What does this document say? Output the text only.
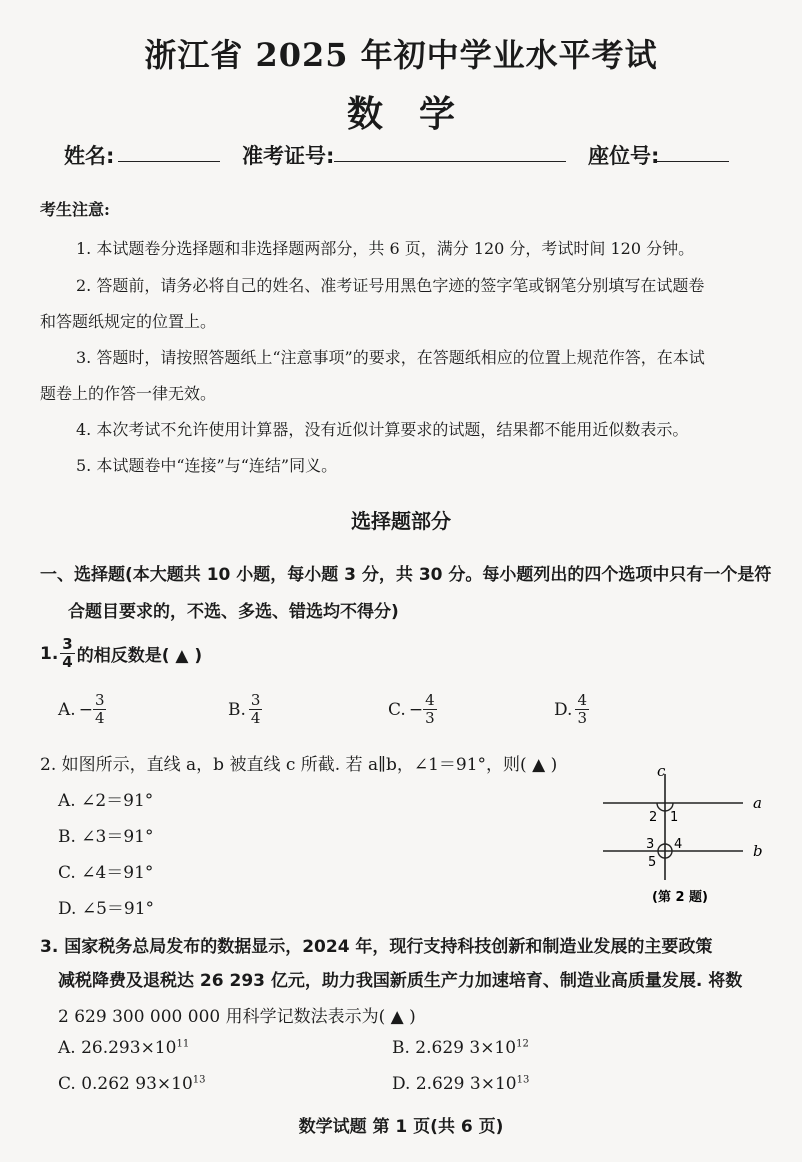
浙江省 2025 年初中学业水平考试
数学
姓名:	准考证号:	座位号:
考生注意:
1. 本试题卷分选择题和非选择题两部分，共 6 页，满分 120 分，考试时间 120 分钟。
2. 答题前，请务必将自己的姓名、准考证号用黑色字迹的签字笔或钢笔分别填写在试题卷
和答题纸规定的位置上。
3. 答题时，请按照答题纸上“注意事项”的要求，在答题纸相应的位置上规范作答，在本试
题卷上的作答一律无效。
4. 本次考试不允许使用计算器，没有近似计算要求的试题，结果都不能用近似数表示。
5. 本试题卷中“连接”与“连结”同义。
选择题部分
一、选择题(本大题共 10 小题，每小题 3 分，共 30 分。每小题列出的四个选项中只有一个是符
合题目要求的，不选、多选、错选均不得分)
1. $\frac{3}{4}$ 的相反数是( ▲ )
A. − $\frac{3}{4}$	B. $\frac{3}{4}$	C. − $\frac{4}{3}$	D. $\frac{4}{3}$
2. 如图所示，直线 a，b 被直线 c 所截. 若 a∥b，∠1＝91°，则( ▲ )
A. ∠2＝91°
B. ∠3＝91°
C. ∠4＝91°
D. ∠5＝91°
c
a
b
1
2
3 4
5
(第 2 题)
3. 国家税务总局发布的数据显示，2024 年，现行支持科技创新和制造业发展的主要政策
减税降费及退税达 26 293 亿元，助力我国新质生产力加速培育、制造业高质量发展. 将数
2 629 300 000 000 用科学记数法表示为( ▲ )
A. $26.293\times 10^{11}$	B. 2.629 $3\times 10^{12}$
C. 0.262 $93\times 10^{13}$	D. 2.629 $3\times 10^{13}$
数学试题 第 1 页(共 6 页)
